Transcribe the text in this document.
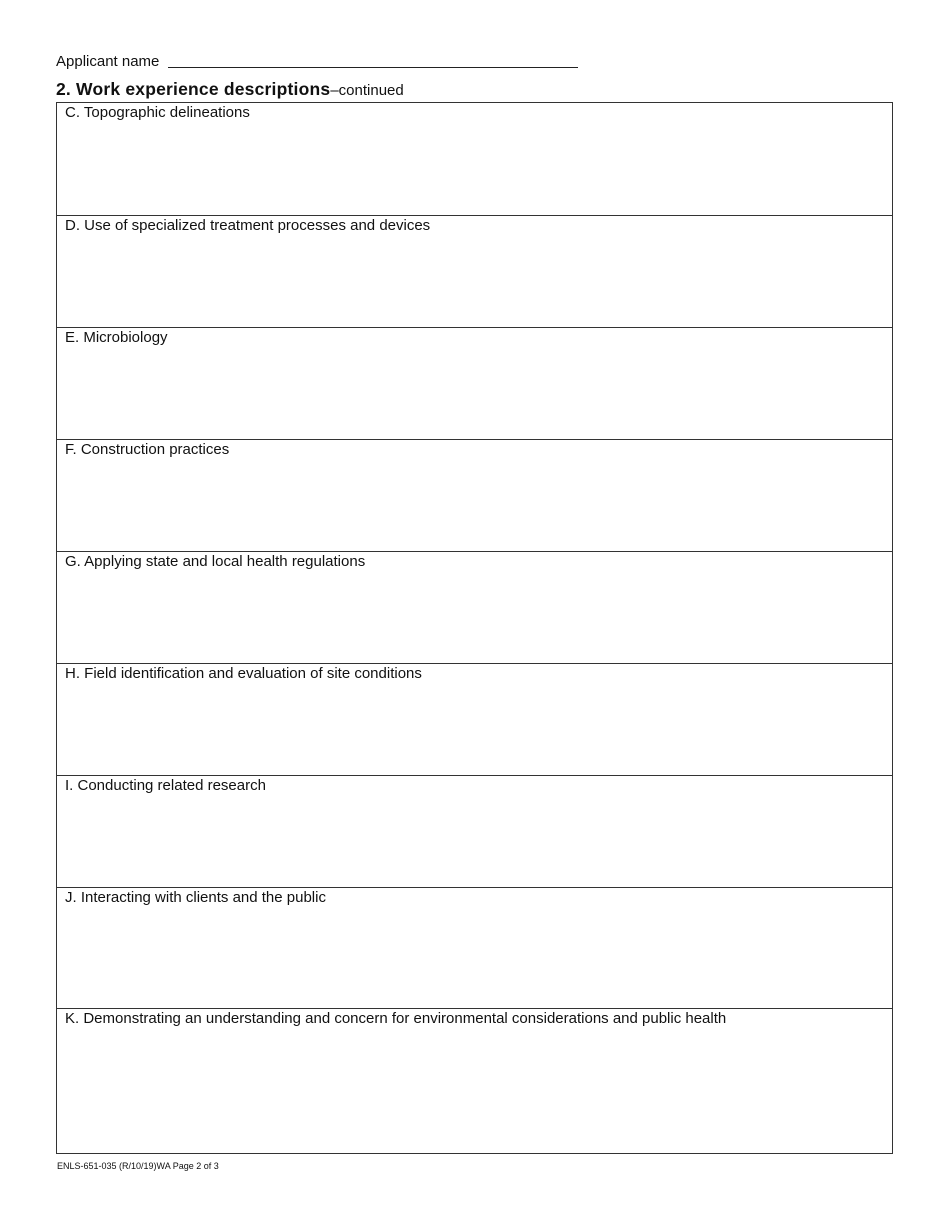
Applicant name
2. Work experience descriptions–continued
C. Topographic delineations
D. Use of specialized treatment processes and devices
E. Microbiology
F. Construction practices
G. Applying state and local health regulations
H. Field identification and evaluation of site conditions
I. Conducting related research
J. Interacting with clients and the public
K. Demonstrating an understanding and concern for environmental considerations and public health
ENLS-651-035 (R/10/19)WA Page 2 of 3
